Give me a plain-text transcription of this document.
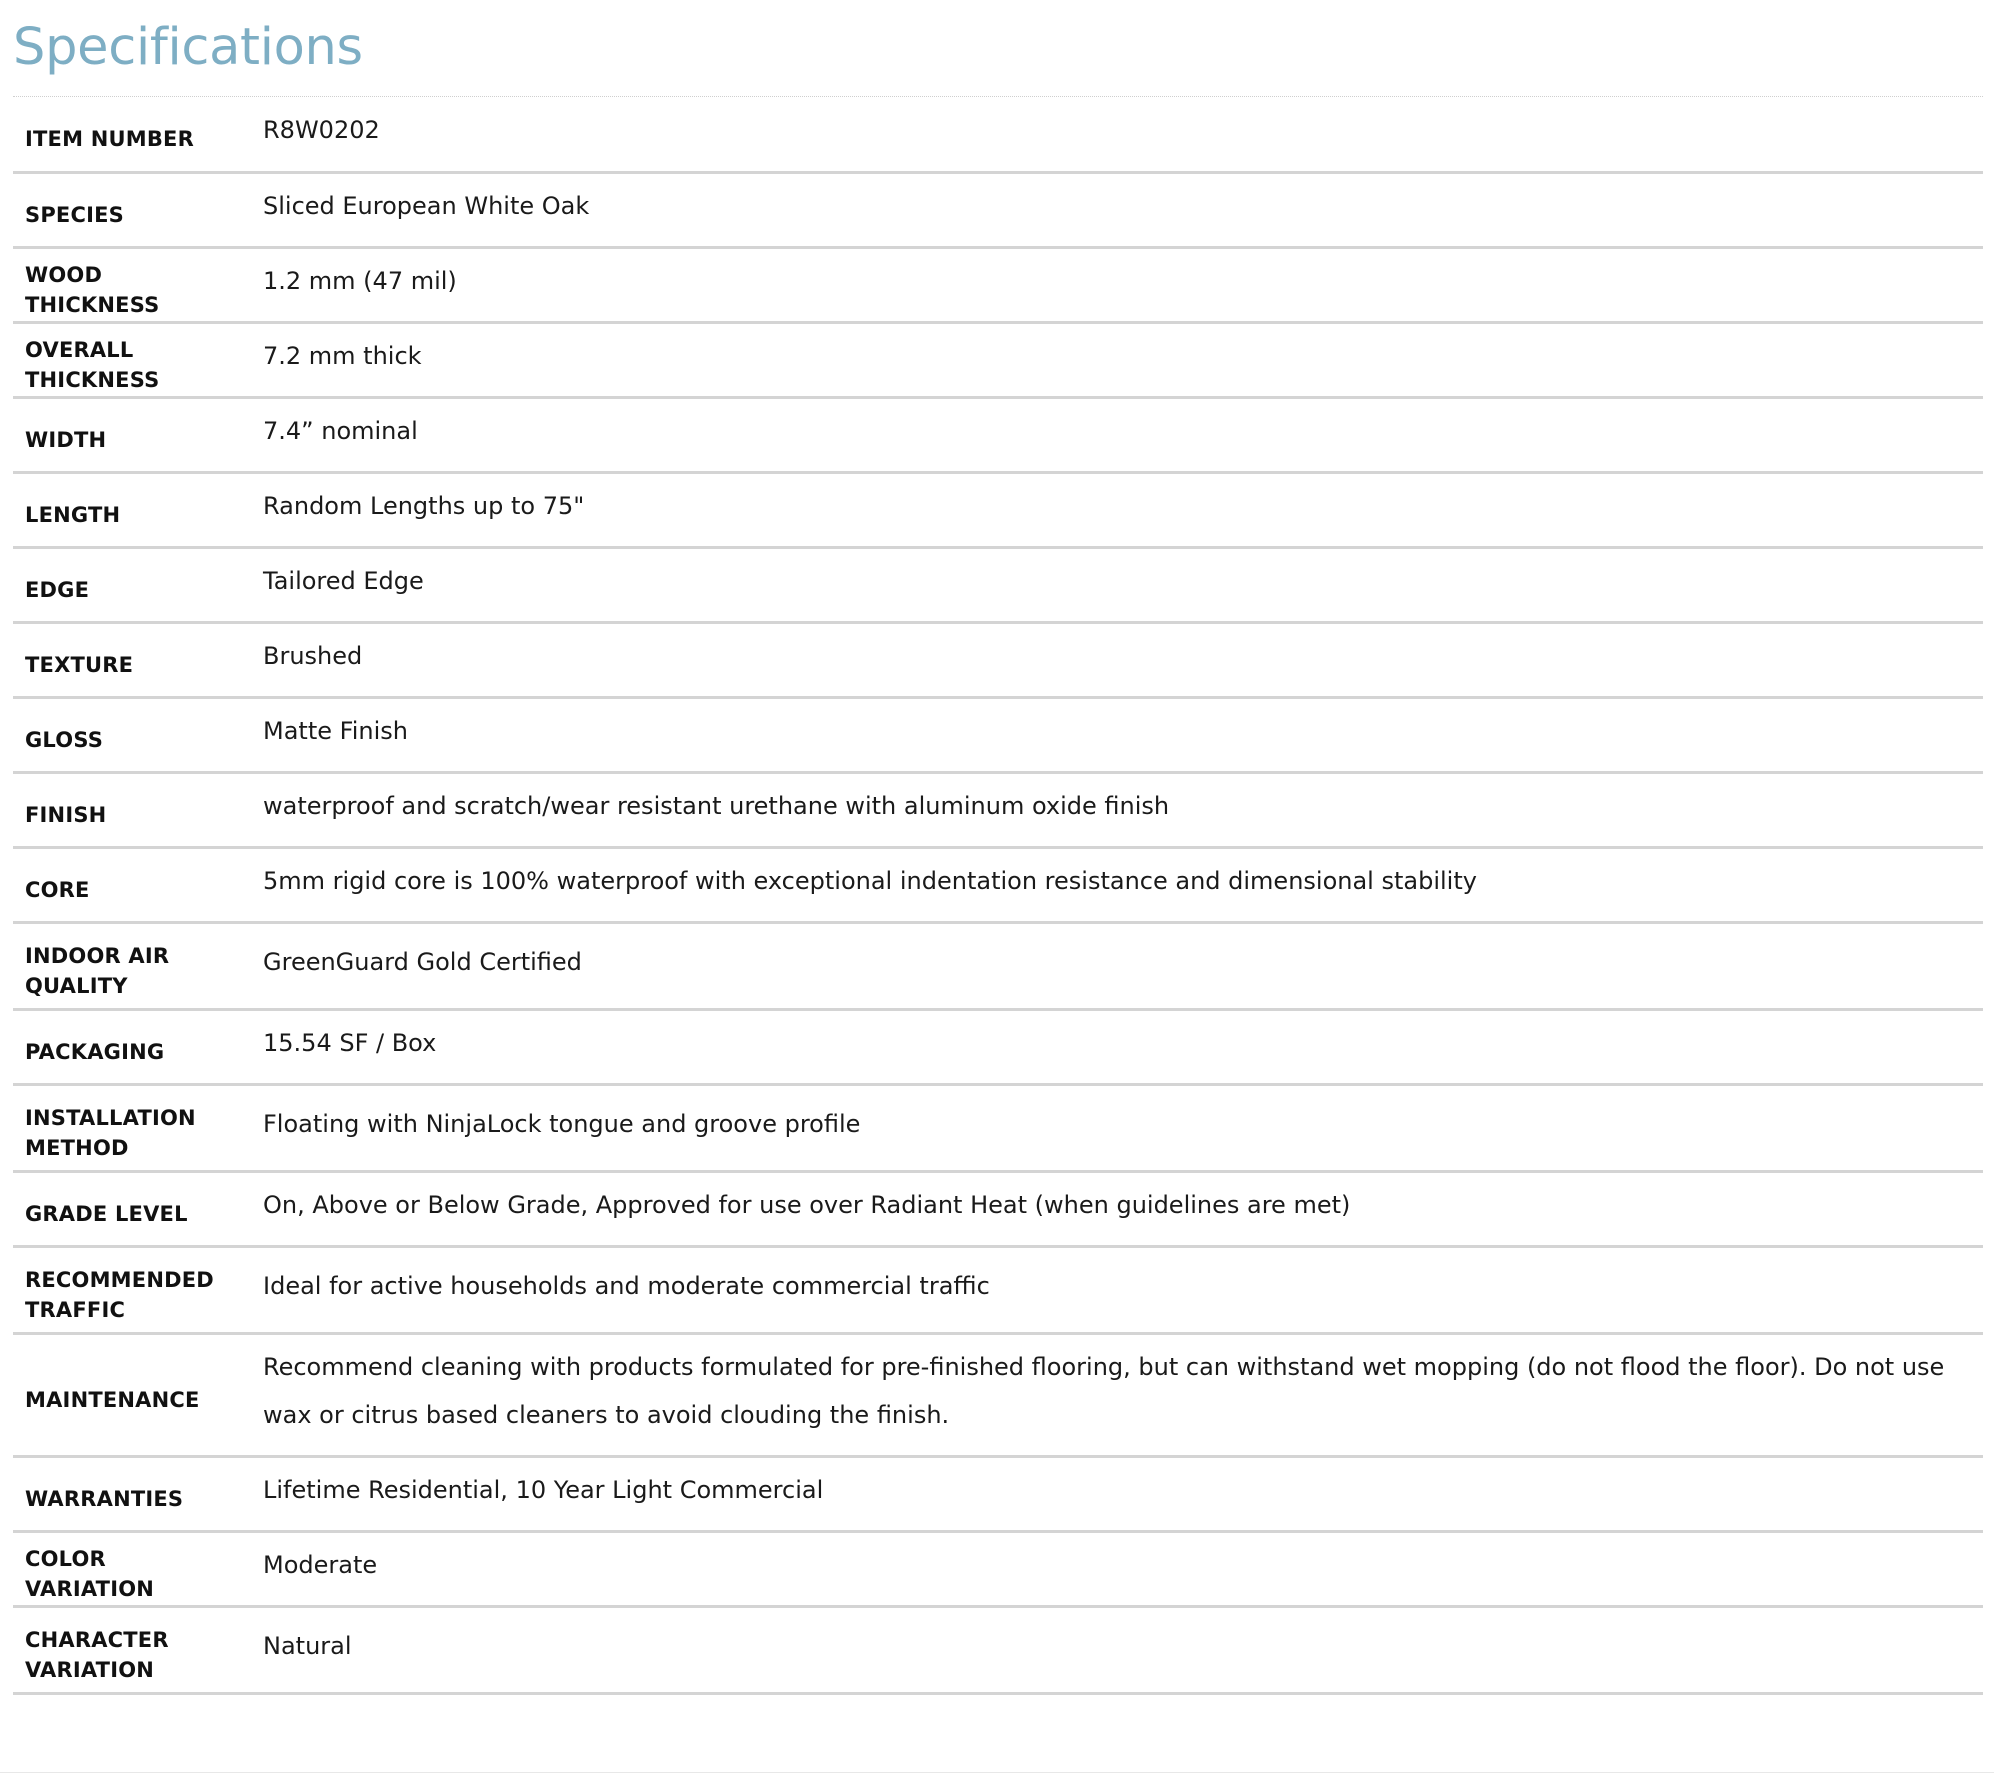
Specifications
ITEM NUMBER	R8W0202
SPECIES	Sliced European White Oak
WOOD THICKNESS	1.2 mm (47 mil)
OVERALL THICKNESS	7.2 mm thick
WIDTH	7.4” nominal
LENGTH	Random Lengths up to 75"
EDGE	Tailored Edge
TEXTURE	Brushed
GLOSS	Matte Finish
FINISH	waterproof and scratch/wear resistant urethane with aluminum oxide finish
CORE	5mm rigid core is 100% waterproof with exceptional indentation resistance and dimensional stability
INDOOR AIR QUALITY	GreenGuard Gold Certified
PACKAGING	15.54 SF / Box
INSTALLATION METHOD	Floating with NinjaLock tongue and groove profile
GRADE LEVEL	On, Above or Below Grade, Approved for use over Radiant Heat (when guidelines are met)
RECOMMENDED TRAFFIC	Ideal for active households and moderate commercial traffic
MAINTENANCE	Recommend cleaning with products formulated for pre-finished flooring, but can withstand wet mopping (do not flood the floor). Do not use wax or citrus based cleaners to avoid clouding the finish.
WARRANTIES	Lifetime Residential, 10 Year Light Commercial
COLOR VARIATION	Moderate
CHARACTER VARIATION	Natural
